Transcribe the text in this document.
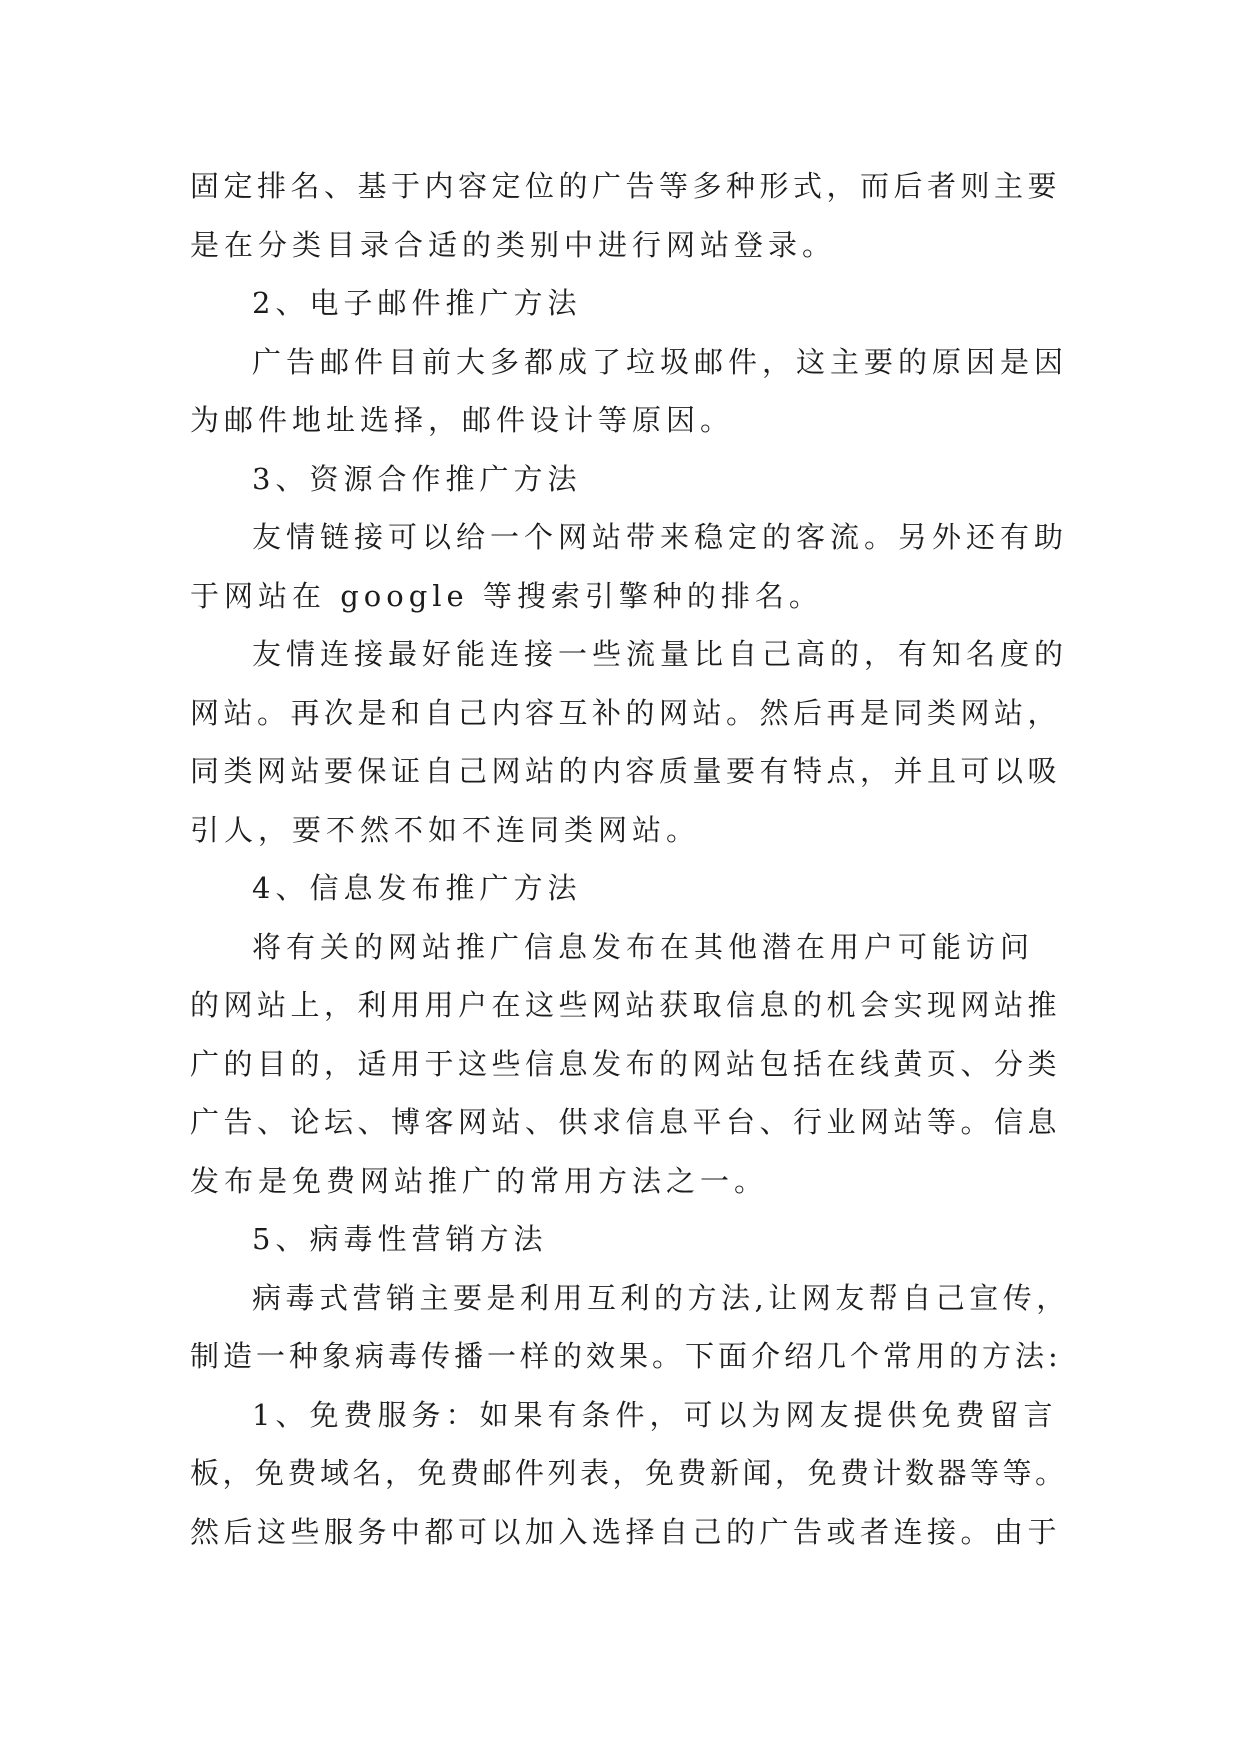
固定排名、基于内容定位的广告等多种形式，而后者则主要
是在分类目录合适的类别中进行网站登录。
2、电子邮件推广方法
广告邮件目前大多都成了垃圾邮件，这主要的原因是因
为邮件地址选择，邮件设计等原因。
3、资源合作推广方法
友情链接可以给一个网站带来稳定的客流。另外还有助
于网站在 google 等搜索引擎种的排名。
友情连接最好能连接一些流量比自己高的，有知名度的
网站。再次是和自己内容互补的网站。然后再是同类网站，
同类网站要保证自己网站的内容质量要有特点，并且可以吸
引人，要不然不如不连同类网站。
4、信息发布推广方法
将有关的网站推广信息发布在其他潜在用户可能访问
的网站上，利用用户在这些网站获取信息的机会实现网站推
广的目的，适用于这些信息发布的网站包括在线黄页、分类
广告、论坛、博客网站、供求信息平台、行业网站等。信息
发布是免费网站推广的常用方法之一。
5、病毒性营销方法
病毒式营销主要是利用互利的方法,让网友帮自己宣传，
制造一种象病毒传播一样的效果。下面介绍几个常用的方法:
1、免费服务：如果有条件，可以为网友提供免费留言
板，免费域名，免费邮件列表，免费新闻，免费计数器等等。
然后这些服务中都可以加入选择自己的广告或者连接。由于
